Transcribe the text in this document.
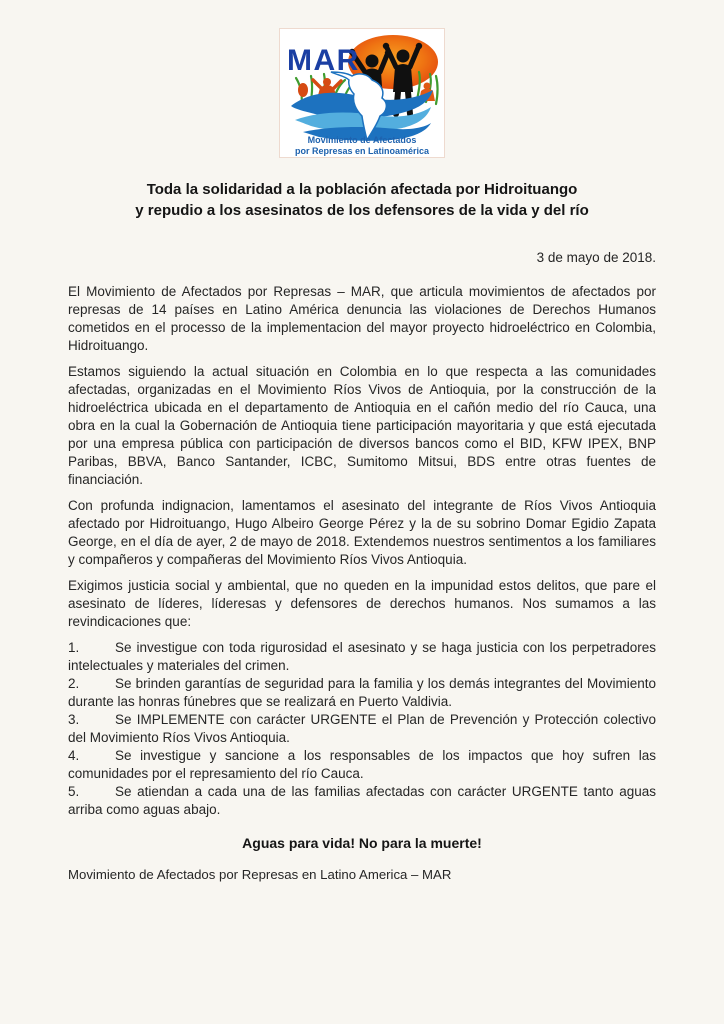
MAR
Movimiento de Afectados
por Represas en Latinoamérica
Toda la solidaridad a la población afectada por Hidroituango
y repudio a los asesinatos de los defensores de la vida y del río
3 de mayo de 2018.

El Movimiento de Afectados por Represas – MAR, que articula movimientos de afectados por represas de 14 países en Latino América denuncia las violaciones de Derechos Humanos cometidos en el processo de la implementacion del mayor proyecto hidroeléctrico en Colombia, Hidroituango.

Estamos siguiendo la actual situación en Colombia en lo que respecta a las comunidades afectadas, organizadas en el Movimiento Ríos Vivos de Antioquia, por la construcción de la hidroeléctrica ubicada en el departamento de Antioquia en el cañón medio del río Cauca, una obra en la cual la Gobernación de Antioquia tiene participación mayoritaria y que está ejecutada por una empresa pública con participación de diversos bancos como el BID, KFW IPEX, BNP Paribas, BBVA, Banco Santander, ICBC, Sumitomo Mitsui, BDS entre otras fuentes de financiación.

Con profunda indignacion, lamentamos el asesinato del integrante de Ríos Vivos Antioquia afectado por Hidroituango, Hugo Albeiro George Pérez y la de su sobrino Domar Egidio Zapata George, en el día de ayer, 2 de mayo de 2018. Extendemos nuestros sentimentos a los familiares y compañeros y compañeras del Movimiento Ríos Vivos Antioquia.

Exigimos justicia social y ambiental, que no queden en la impunidad estos delitos, que pare el asesinato de líderes, líderesas y defensores de derechos humanos. Nos sumamos a las revindicaciones que:

1.	Se investigue con toda rigurosidad el asesinato y se haga justicia con los perpetradores intelectuales y materiales del crimen.

2.	Se brinden garantías de seguridad para la familia y los demás integrantes del Movimiento durante las honras fúnebres que se realizará en Puerto Valdivia.

3.	Se IMPLEMENTE con carácter URGENTE el Plan de Prevención y Protección colectivo del Movimiento Ríos Vivos Antioquia.

4.	Se investigue y sancione a los responsables de los impactos que hoy sufren las comunidades por el represamiento del río Cauca.

5.	Se atiendan a cada una de las familias afectadas con carácter URGENTE tanto aguas arriba como aguas abajo.

Aguas para vida! No para la muerte!

Movimiento de Afectados por Represas en Latino America – MAR
